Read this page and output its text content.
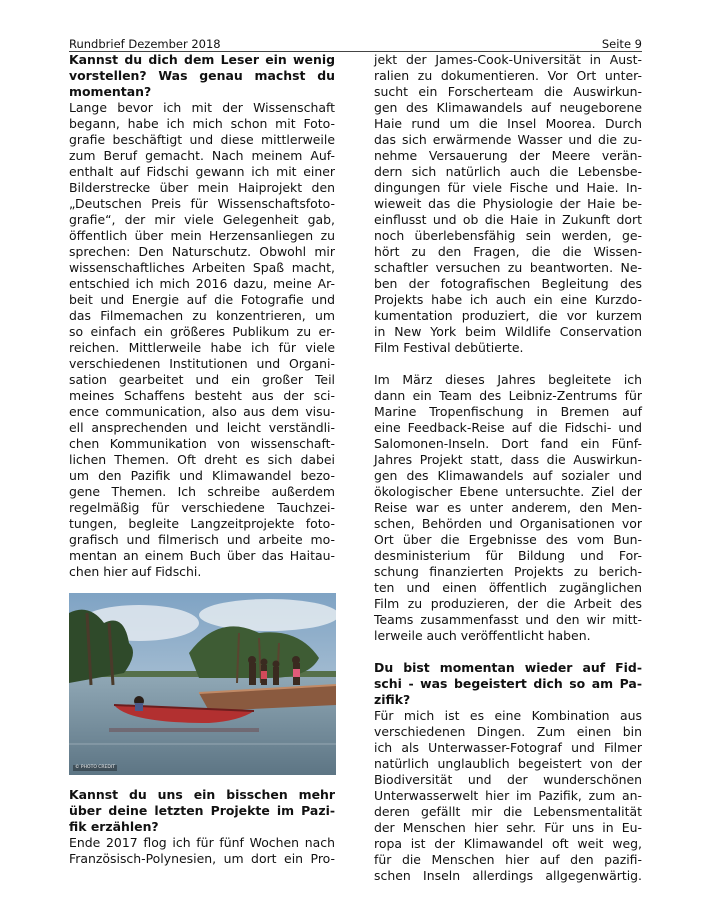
Rundbrief Dezember 2018	Seite 9
Kannst du dich dem Leser ein wenig
vorstellen? Was genau machst du
momentan?
Lange bevor ich mit der Wissenschaft
begann, habe ich mich schon mit Foto-
grafie beschäftigt und diese mittlerweile
zum Beruf gemacht. Nach meinem Auf-
enthalt auf Fidschi gewann ich mit einer
Bilderstrecke über mein Haiprojekt den
„Deutschen Preis für Wissenschaftsfoto-
grafie“, der mir viele Gelegenheit gab,
öffentlich über mein Herzensanliegen zu
sprechen: Den Naturschutz. Obwohl mir
wissenschaftliches Arbeiten Spaß macht,
entschied ich mich 2016 dazu, meine Ar-
beit und Energie auf die Fotografie und
das Filmemachen zu konzentrieren, um
so einfach ein größeres Publikum zu er-
reichen. Mittlerweile habe ich für viele
verschiedenen Institutionen und Organi-
sation gearbeitet und ein großer Teil
meines Schaffens besteht aus der sci-
ence communication, also aus dem visu-
ell ansprechenden und leicht verständli-
chen Kommunikation von wissenschaft-
lichen Themen. Oft dreht es sich dabei
um den Pazifik und Klimawandel bezo-
gene Themen. Ich schreibe außerdem
regelmäßig für verschiedene Tauchzei-
tungen, begleite Langzeitprojekte foto-
grafisch und filmerisch und arbeite mo-
mentan an einem Buch über das Haitau-
chen hier auf Fidschi.
© PHOTO CREDIT
Kannst du uns ein bisschen mehr
über deine letzten Projekte im Pazi-
fik erzählen?
Ende 2017 flog ich für fünf Wochen nach
Französisch-Polynesien, um dort ein Pro-
jekt der James-Cook-Universität in Aust-
ralien zu dokumentieren. Vor Ort unter-
sucht ein Forscherteam die Auswirkun-
gen des Klimawandels auf neugeborene
Haie rund um die Insel Moorea. Durch
das sich erwärmende Wasser und die zu-
nehme Versauerung der Meere verän-
dern sich natürlich auch die Lebensbe-
dingungen für viele Fische und Haie. In-
wieweit das die Physiologie der Haie be-
einflusst und ob die Haie in Zukunft dort
noch überlebensfähig sein werden, ge-
hört zu den Fragen, die die Wissen-
schaftler versuchen zu beantworten. Ne-
ben der fotografischen Begleitung des
Projekts habe ich auch ein eine Kurzdo-
kumentation produziert, die vor kurzem
in New York beim Wildlife Conservation
Film Festival debütierte.
Im März dieses Jahres begleitete ich
dann ein Team des Leibniz-Zentrums für
Marine Tropenfischung in Bremen auf
eine Feedback-Reise auf die Fidschi- und
Salomonen-Inseln. Dort fand ein Fünf-
Jahres Projekt statt, dass die Auswirkun-
gen des Klimawandels auf sozialer und
ökologischer Ebene untersuchte. Ziel der
Reise war es unter anderem, den Men-
schen, Behörden und Organisationen vor
Ort über die Ergebnisse des vom Bun-
desministerium für Bildung und For-
schung finanzierten Projekts zu berich-
ten und einen öffentlich zugänglichen
Film zu produzieren, der die Arbeit des
Teams zusammenfasst und den wir mitt-
lerweile auch veröffentlicht haben.
Du bist momentan wieder auf Fid-
schi - was begeistert dich so am Pa-
zifik?
Für mich ist es eine Kombination aus
verschiedenen Dingen. Zum einen bin
ich als Unterwasser-Fotograf und Filmer
natürlich unglaublich begeistert von der
Biodiversität und der wunderschönen
Unterwasserwelt hier im Pazifik, zum an-
deren gefällt mir die Lebensmentalität
der Menschen hier sehr. Für uns in Eu-
ropa ist der Klimawandel oft weit weg,
für die Menschen hier auf den pazifi-
schen Inseln allerdings allgegenwärtig.
